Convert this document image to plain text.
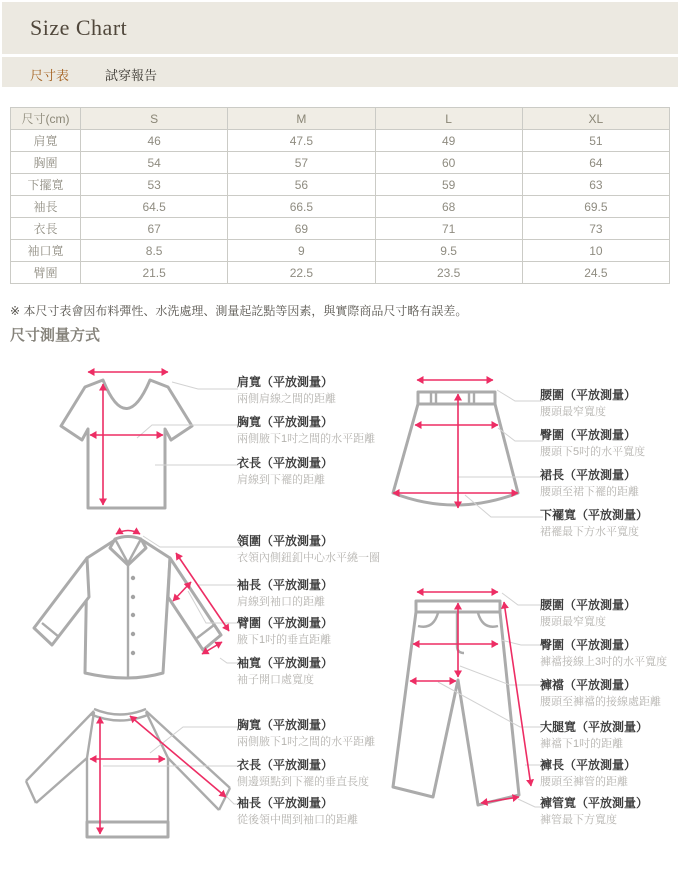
Size Chart
尺寸表	試穿報告
尺寸(cm)	S	M	L	XL
肩寬	46	47.5	49	51
胸圍	54	57	60	64
下擺寬	53	56	59	63
袖長	64.5	66.5	68	69.5
衣長	67	69	71	73
袖口寬	8.5	9	9.5	10
臂圍	21.5	22.5	23.5	24.5
※ 本尺寸表會因布料彈性、水洗處理、測量起訖點等因素，與實際商品尺寸略有誤差。
尺寸測量方式
肩寬（平放測量）
兩側肩線之間的距離
胸寬（平放測量）
兩側腋下1吋之間的水平距離
衣長（平放測量）
肩線到下襬的距離
腰圍（平放測量）
腰頭最窄寬度
臀圍（平放測量）
腰頭下5吋的水平寬度
裙長（平放測量）
腰頭至裙下襬的距離
下襬寬（平放測量）
裙襬最下方水平寬度
領圍（平放測量）
衣領內側鈕釦中心水平繞一圈
袖長（平放測量）
肩線到袖口的距離
臂圍（平放測量）
腋下1吋的垂直距離
袖寬（平放測量）
袖子開口處寬度
腰圍（平放測量）
腰頭最窄寬度
臀圍（平放測量）
褲襠接線上3吋的水平寬度
褲襠（平放測量）
腰頭至褲襠的接線處距離
大腿寬（平放測量）
褲襠下1吋的距離
褲長（平放測量）
腰頭至褲管的距離
褲管寬（平放測量）
褲管最下方寬度
胸寬（平放測量）
兩側腋下1吋之間的水平距離
衣長（平放測量）
側邊頸點到下襬的垂直長度
袖長（平放測量）
從後領中間到袖口的距離
